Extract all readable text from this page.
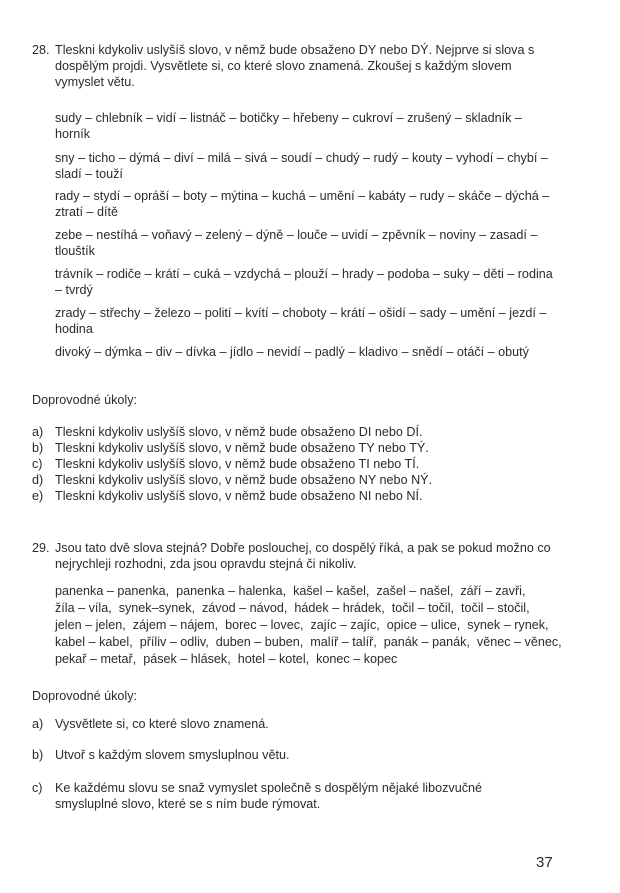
28. Tleskni kdykoliv uslyšíš slovo, v němž bude obsaženo DY nebo DÝ. Nejprve si slova s dospělým projdi. Vysvětlete si, co které slovo znamená. Zkoušej s každým slovem vymyslet větu.
sudy – chlebník – vidí – listnáč – botičky – hřebeny – cukroví – zrušený – skladník – horník
sny – ticho – dýmá – diví – milá – sivá – soudí – chudý – rudý – kouty – vyhodí – chybí – sladí – touží
rady – stydí – opráší – boty – mýtina – kuchá – umění – kabáty – rudy – skáče – dýchá – ztratí – dítě
zebe – nestíhá – voňavý – zelený – dýně – louče – uvidí – zpěvník – noviny – zasadí – tlouštík
trávník – rodiče – krátí – cuká – vzdychá – plouží – hrady – podoba – suky – děti – rodina – tvrdý
zrady – střechy – železo – polití – kvítí – choboty – krátí – ošidí – sady – umění – jezdí – hodina
divoký – dýmka – div – dívka – jídlo – nevidí – padlý – kladivo – snědí – otáčí – obutý
Doprovodné úkoly:
a) Tleskni kdykoliv uslyšíš slovo, v němž bude obsaženo DI nebo DÍ.
b) Tleskni kdykoliv uslyšíš slovo, v němž bude obsaženo TY nebo TÝ.
c) Tleskni kdykoliv uslyšíš slovo, v němž bude obsaženo TI nebo TÍ.
d) Tleskni kdykoliv uslyšíš slovo, v němž bude obsaženo NY nebo NÝ.
e) Tleskni kdykoliv uslyšíš slovo, v němž bude obsaženo NI nebo NÍ.
29. Jsou tato dvě slova stejná? Dobře poslouchej, co dospělý říká, a pak se pokud možno co nejrychleji rozhodni, zda jsou opravdu stejná či nikoliv.
panenka – panenka,  panenka – halenka,  kašel – kašel,  zašel – našel,  září – zavři,
žíla – víla,  synek–synek,  závod – návod,  hádek – hrádek,  točil – točil,  točil – stočil,
jelen – jelen,  zájem – nájem,  borec – lovec,  zajíc – zajíc,  opice – ulice,  synek – rynek,
kabel – kabel,  příliv – odliv,  duben – buben,  malíř – talíř,  panák – panák,  věnec – věnec,
pekař – metař,  pásek – hlásek,  hotel – kotel,  konec – kopec
Doprovodné úkoly:
a) Vysvětlete si, co které slovo znamená.
b) Utvoř s každým slovem smysluplnou větu.
c) Ke každému slovu se snaž vymyslet společně s dospělým nějaké libozvučné smysluplné slovo, které se s ním bude rýmovat.
37
